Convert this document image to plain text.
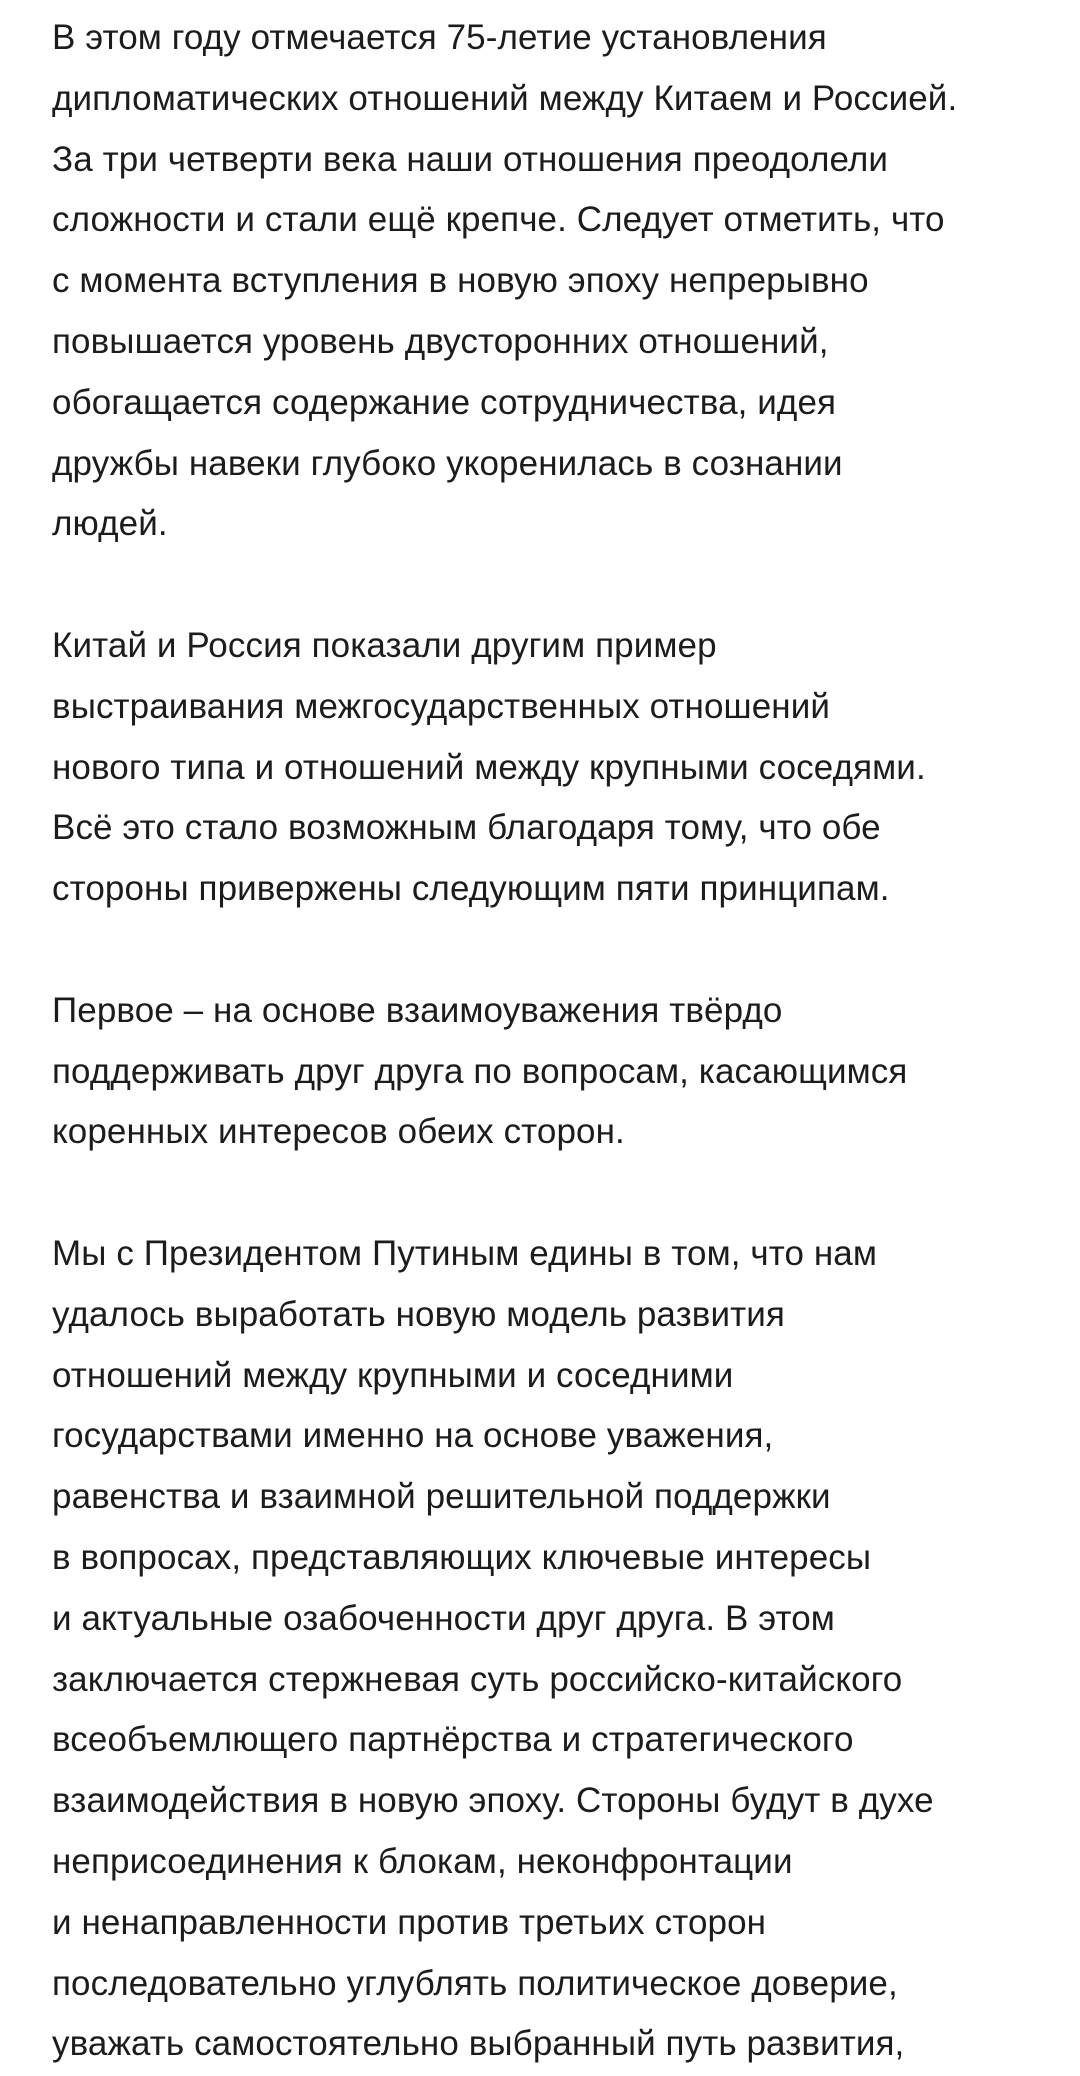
В этом году отмечается 75-летие установления
дипломатических отношений между Китаем и Россией.
За три четверти века наши отношения преодолели
сложности и стали ещё крепче. Следует отметить, что
с момента вступления в новую эпоху непрерывно
повышается уровень двусторонних отношений,
обогащается содержание сотрудничества, идея
дружбы навеки глубоко укоренилась в сознании
людей.
Китай и Россия показали другим пример
выстраивания межгосударственных отношений
нового типа и отношений между крупными соседями.
Всё это стало возможным благодаря тому, что обе
стороны привержены следующим пяти принципам.
Первое – на основе взаимоуважения твёрдо
поддерживать друг друга по вопросам, касающимся
коренных интересов обеих сторон.
Мы с Президентом Путиным едины в том, что нам
удалось выработать новую модель развития
отношений между крупными и соседними
государствами именно на основе уважения,
равенства и взаимной решительной поддержки
в вопросах, представляющих ключевые интересы
и актуальные озабоченности друг друга. В этом
заключается стержневая суть российско-китайского
всеобъемлющего партнёрства и стратегического
взаимодействия в новую эпоху. Стороны будут в духе
неприсоединения к блокам, неконфронтации
и ненаправленности против третьих сторон
последовательно углублять политическое доверие,
уважать самостоятельно выбранный путь развития,
